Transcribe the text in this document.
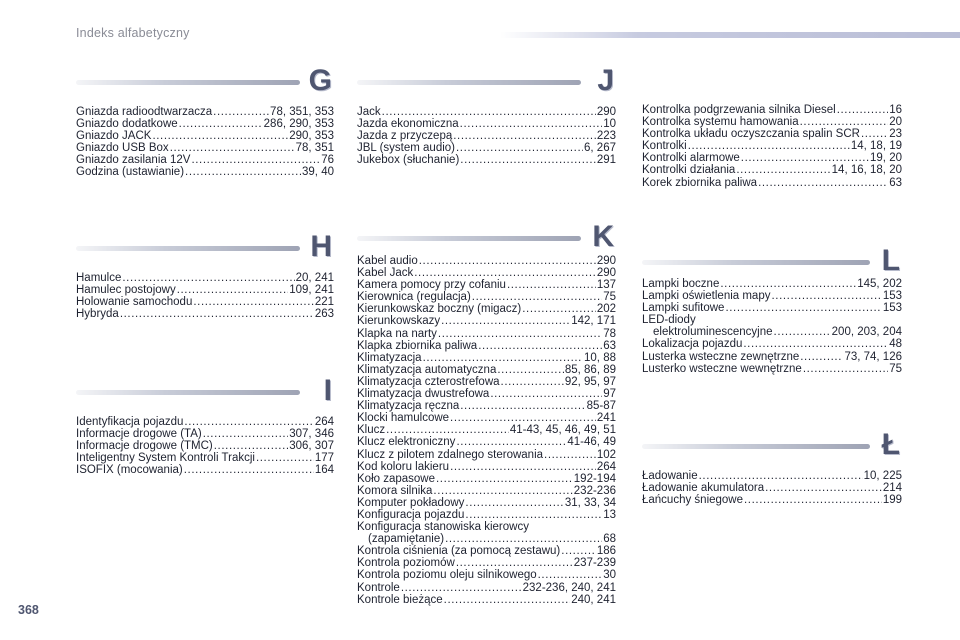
Indeks alfabetyczny
G
Gniazda radioodtwarzacza .....	78, 351, 353
Gniazdo dodatkowe .....	286, 290, 353
Gniazdo JACK .....	290, 353
Gniazdo USB Box .....	78, 351
Gniazdo zasilania 12V .....	76
Godzina (ustawianie) .....	39, 40
H
Hamulce .....	20, 241
Hamulec postojowy .....	109, 241
Holowanie samochodu .....	221
Hybryda .....	263
I
Identyfikacja pojazdu .....	264
Informacje drogowe (TA) .....	307, 346
Informacje drogowe (TMC) .....	306, 307
Inteligentny System Kontroli Trakcji .....	177
ISOFIX (mocowania) .....	164
J
Jack .....	290
Jazda ekonomiczna .....	10
Jazda z przyczepą .....	223
JBL (system audio) .....	6, 267
Jukebox (słuchanie) .....	291
K
Kabel audio .....	290
Kabel Jack .....	290
Kamera pomocy przy cofaniu .....	137
Kierownica (regulacja) .....	75
Kierunkowskaz boczny (migacz) .....	202
Kierunkowskazy .....	142, 171
Klapka na narty .....	78
Klapka zbiornika paliwa .....	63
Klimatyzacja .....	10, 88
Klimatyzacja automatyczna .....	85, 86, 89
Klimatyzacja czterostrefowa .....	92, 95, 97
Klimatyzacja dwustrefowa .....	97
Klimatyzacja ręczna .....	85-87
Klocki hamulcowe .....	241
Klucz .....	41-43, 45, 46, 49, 51
Klucz elektroniczny .....	41-46, 49
Klucz z pilotem zdalnego sterowania .....	102
Kod koloru lakieru .....	264
Koło zapasowe .....	192-194
Komora silnika .....	232-236
Komputer pokładowy .....	31, 33, 34
Konfiguracja pojazdu .....	13
Konfiguracja stanowiska kierowcy
(zapamiętanie) .....	68
Kontrola ciśnienia (za pomocą zestawu) .....	186
Kontrola poziomów .....	237-239
Kontrola poziomu oleju silnikowego .....	30
Kontrole .....	232-236, 240, 241
Kontrole bieżące .....	240, 241
Kontrolka podgrzewania silnika Diesel .....	16
Kontrolka systemu hamowania .....	20
Kontrolka układu oczyszczania spalin SCR .....	23
Kontrolki .....	14, 18, 19
Kontrolki alarmowe .....	19, 20
Kontrolki działania .....	14, 16, 18, 20
Korek zbiornika paliwa .....	63
L
Lampki boczne .....	145, 202
Lampki oświetlenia mapy .....	153
Lampki sufitowe .....	153
LED-diody
elektroluminescencyjne .....	200, 203, 204
Lokalizacja pojazdu .....	48
Lusterka wsteczne zewnętrzne .....	73, 74, 126
Lusterko wsteczne wewnętrzne .....	75
Ł
Ładowanie .....	10, 225
Ładowanie akumulatora .....	214
Łańcuchy śniegowe .....	199
368
